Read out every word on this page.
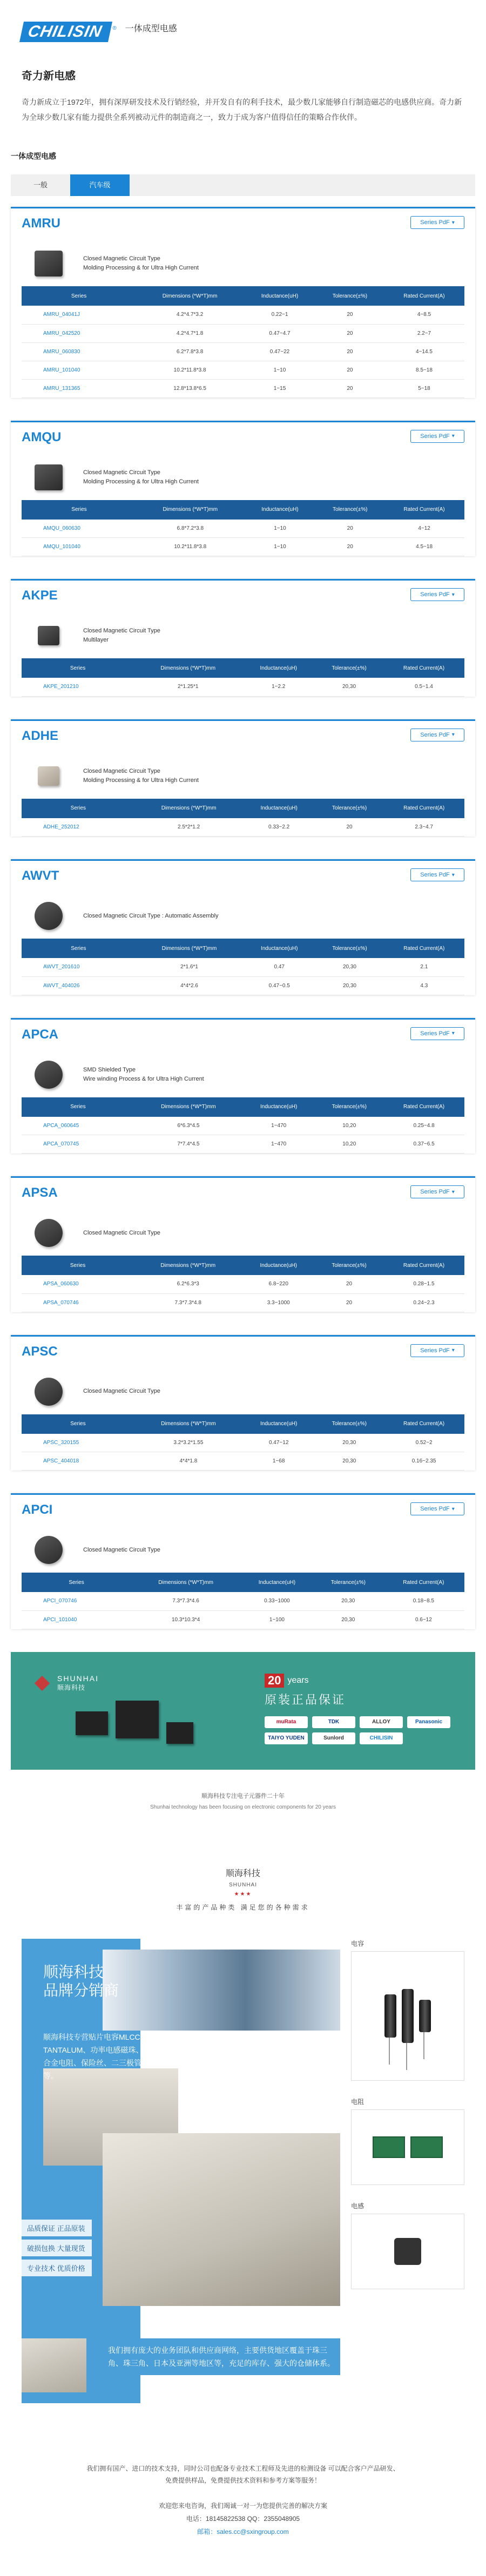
CHILISIN	® 一体成型电感
奇力新电感

奇力新成立于1972年，拥有深厚研发技术及行销经验，并开发自有的利手技术，最少数几家能够自行制造磁芯的电感供应商。奇力新为全球少数几家有能力提供全系列被动元件的制造商之一，致力于成为客户值得信任的策略合作伙伴。

一体成型电感
一般	汽车级
AMRU	Series PdF ▾
Closed Magnetic Circuit Type
Molding Processing & for Ultra High Current
Series	Dimensions (*W*T)mm	Inductance(uH)	Tolerance(±%)	Rated Current(A)
AMRU_04041J	4.2*4.7*3.2	0.22~1	20	4~8.5
AMRU_042520	4.2*4.7*1.8	0.47~4.7	20	2.2~7
AMRU_060830	6.2*7.8*3.8	0.47~22	20	4~14.5
AMRU_101040	10.2*11.8*3.8	1~10	20	8.5~18
AMRU_131365	12.8*13.8*6.5	1~15	20	5~18
AMQU	Series PdF ▾
Closed Magnetic Circuit Type
Molding Processing & for Ultra High Current
Series	Dimensions (*W*T)mm	Inductance(uH)	Tolerance(±%)	Rated Current(A)
AMQU_060630	6.8*7.2*3.8	1~10	20	4~12
AMQU_101040	10.2*11.8*3.8	1~10	20	4.5~18
AKPE	Series PdF ▾
Closed Magnetic Circuit Type
Multilayer
Series	Dimensions (*W*T)mm	Inductance(uH)	Tolerance(±%)	Rated Current(A)
AKPE_201210	2*1.25*1	1~2.2	20,30	0.5~1.4
ADHE	Series PdF ▾
Closed Magnetic Circuit Type
Molding Processing & for Ultra High Current
Series	Dimensions (*W*T)mm	Inductance(uH)	Tolerance(±%)	Rated Current(A)
ADHE_252012	2.5*2*1.2	0.33~2.2	20	2.3~4.7
AWVT	Series PdF ▾
Closed Magnetic Circuit Type : Automatic Assembly
Series	Dimensions (*W*T)mm	Inductance(uH)	Tolerance(±%)	Rated Current(A)
AWVT_201610	2*1.6*1	0.47	20,30	2.1
AWVT_404026	4*4*2.6	0.47~0.5	20,30	4.3
APCA	Series PdF ▾
SMD Shielded Type
Wire winding Process & for Ultra High Current
Series	Dimensions (*W*T)mm	Inductance(uH)	Tolerance(±%)	Rated Current(A)
APCA_060645	6*6.3*4.5	1~470	10,20	0.25~4.8
APCA_070745	7*7.4*4.5	1~470	10,20	0.37~6.5
APSA	Series PdF ▾
Closed Magnetic Circuit Type
Series	Dimensions (*W*T)mm	Inductance(uH)	Tolerance(±%)	Rated Current(A)
APSA_060630	6.2*6.3*3	6.8~220	20	0.28~1.5
APSA_070746	7.3*7.3*4.8	3.3~1000	20	0.24~2.3
APSC	Series PdF ▾
Closed Magnetic Circuit Type
Series	Dimensions (*W*T)mm	Inductance(uH)	Tolerance(±%)	Rated Current(A)
APSC_320155	3.2*3.2*1.55	0.47~12	20,30	0.52~2
APSC_404018	4*4*1.8	1~68	20,30	0.16~2.35
APCI	Series PdF ▾
Closed Magnetic Circuit Type
Series	Dimensions (*W*T)mm	Inductance(uH)	Tolerance(±%)	Rated Current(A)
APCI_070746	7.3*7.3*4.6	0.33~1000	20,30	0.18~8.5
APCI_101040	10.3*10.3*4	1~100	20,30	0.6~12
SHUNHAI
顺海科技
20 years
原装正品保证
muRata	TDK	ALLOY	Panasonic
TAIYO YUDEN	Sunlord	CHILISIN
顺海科技专注电子元器件二十年
Shunhai technology has been focusing on electronic components for 20 years
顺海科技
SHUNHAI
★★★
丰富的产品种类 满足您的各种需求
顺海科技
品牌分销商
顺海科技专营贴片电容MLCC、贴片钽电容TANTALUM、功率电感磁珠、铝电解电容、合金电阻、保险丝、二三极管、晶体电阻、等等。
品质保证 正品原装
破损包换 大量现货
专业技术 优质价格
我们拥有庞大的业务团队和供应商网络，主要供货地区覆盖于珠三角、珠三角、日本及亚洲等地区等，充足的库存、强大的仓储体系。
电容
电阻
电感

我们拥有国产、进口的技术支持，同时公司也配备专业技术工程师及先进的检测设备 可以配合客户产品研发、

免费提供样品，免费提供技术资料和参考方案等服务！

欢迎您来电咨询，我们竭诚一对一为您提供完善的解决方案

电话：18145822538 QQ：2355048905

邮箱：sales.cc@sxingroup.com
